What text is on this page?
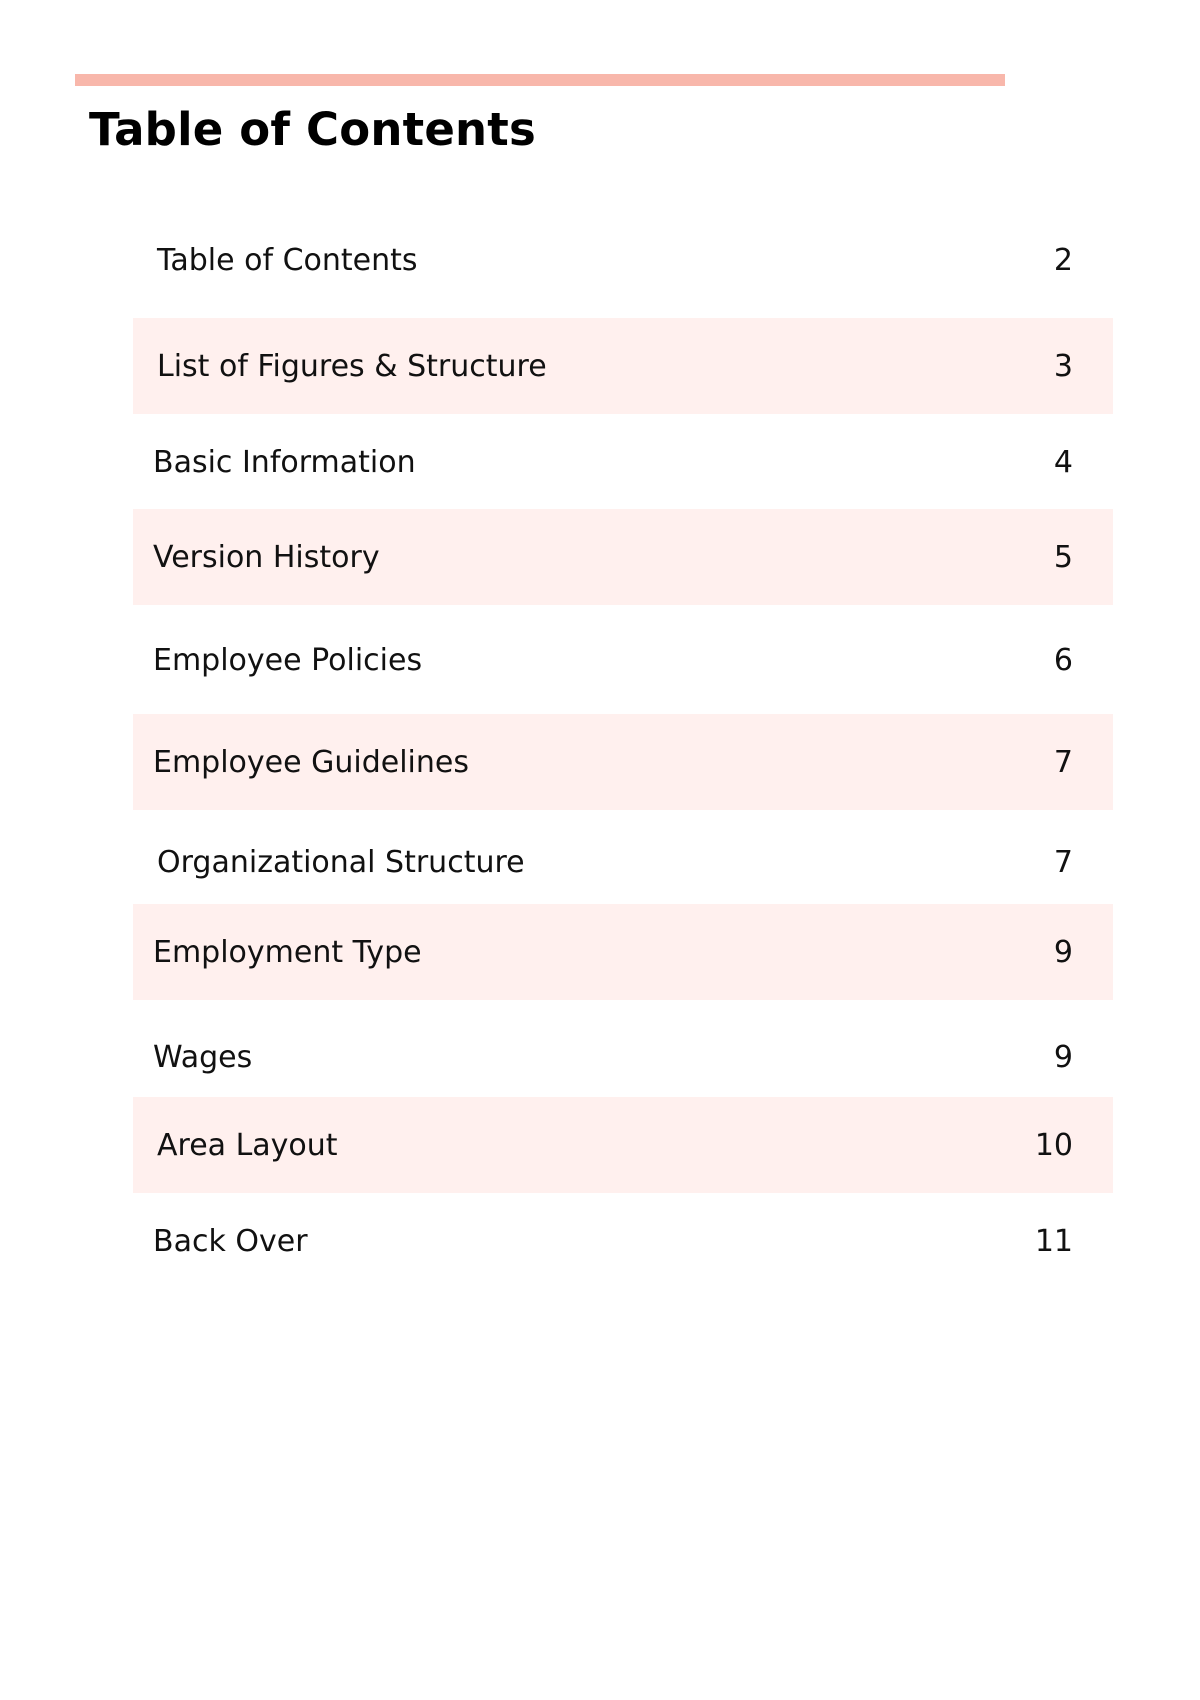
Table of Contents
Table of Contents	2
List of Figures & Structure	3
Basic Information	4
Version History	5
Employee Policies	6
Employee Guidelines	7
Organizational Structure	7
Employment Type	9
Wages	9
Area Layout	10
Back Over	11
